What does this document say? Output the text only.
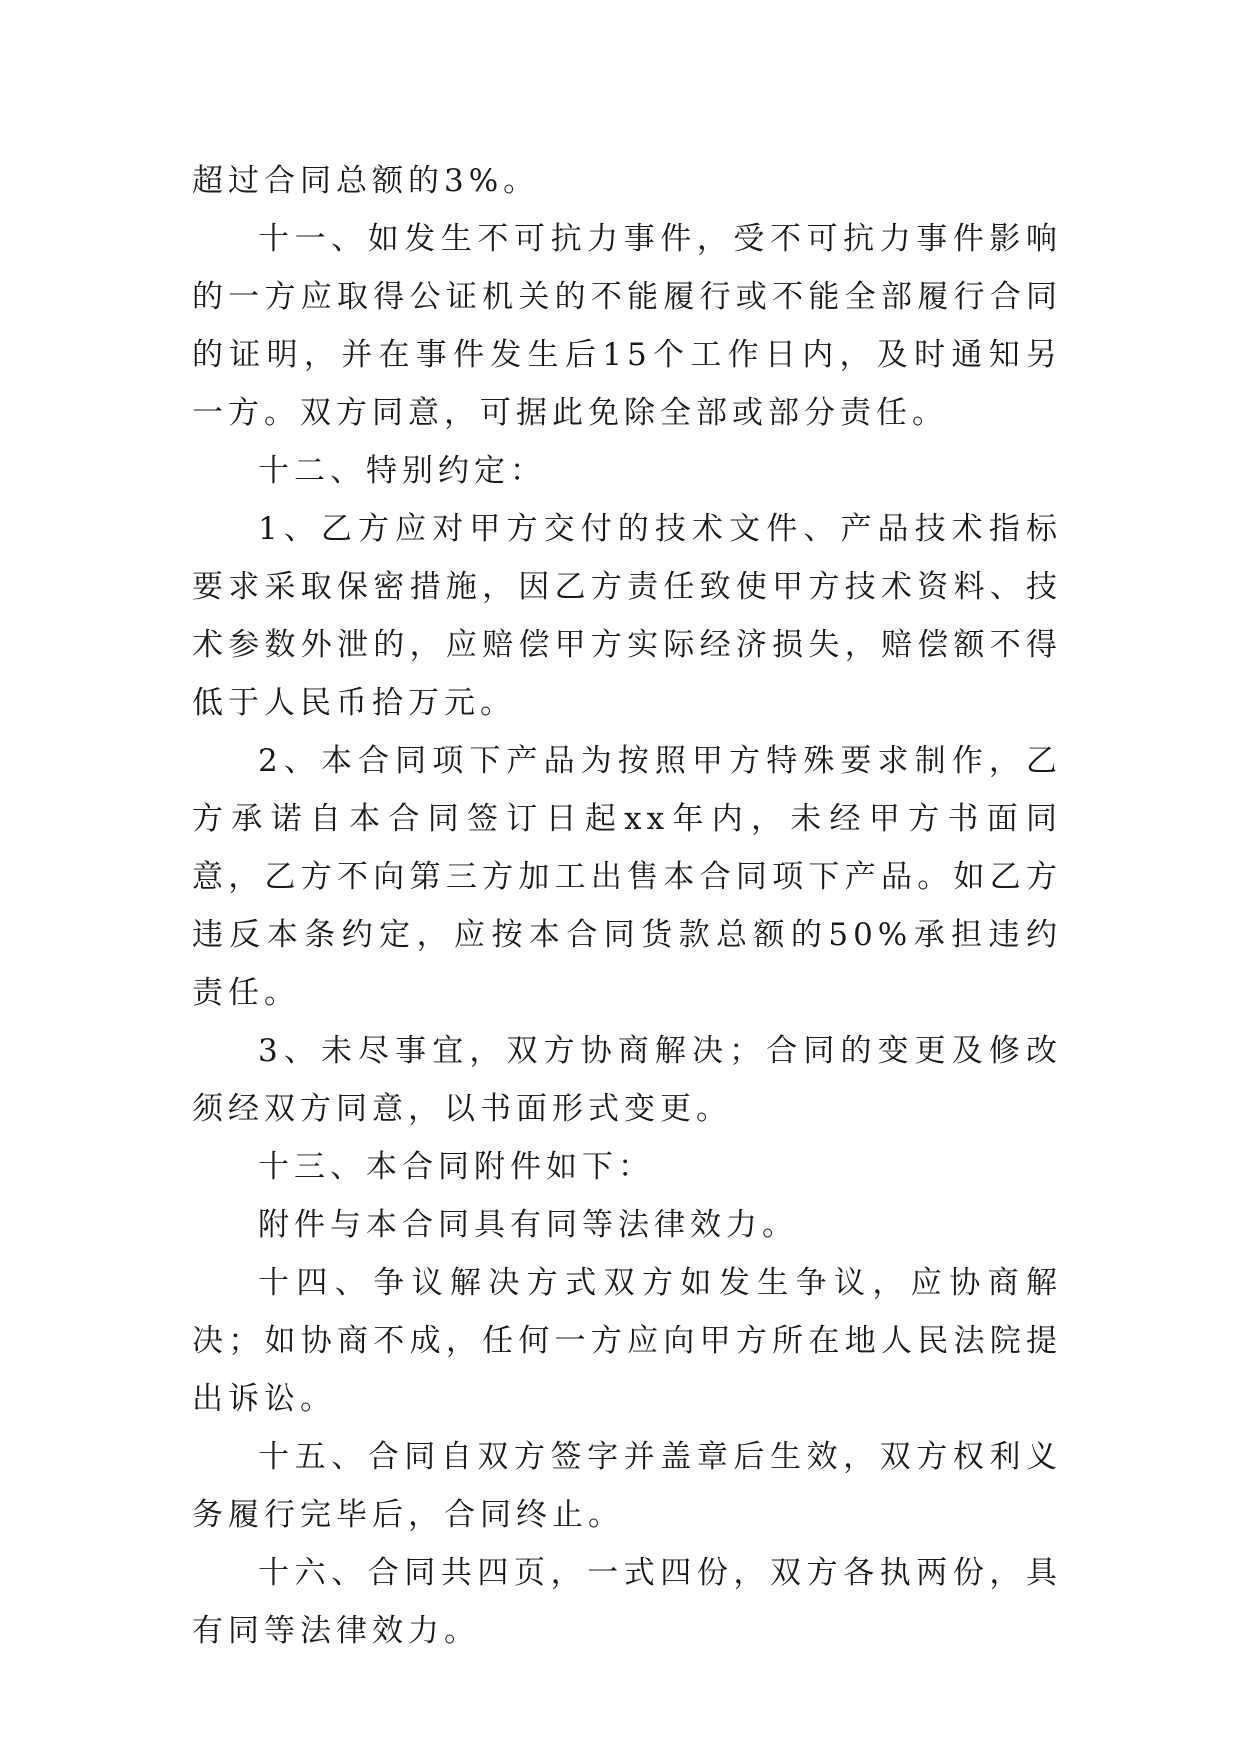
超过合同总额的3%。

十一、如发生不可抗力事件，受不可抗力事件影响的一方应取得公证机关的不能履行或不能全部履行合同的证明，并在事件发生后15个工作日内，及时通知另一方。双方同意，可据此免除全部或部分责任。

十二、特别约定：

1、乙方应对甲方交付的技术文件、产品技术指标要求采取保密措施，因乙方责任致使甲方技术资料、技术参数外泄的，应赔偿甲方实际经济损失，赔偿额不得低于人民币拾万元。

2、本合同项下产品为按照甲方特殊要求制作，乙方承诺自本合同签订日起xx年内，未经甲方书面同意，乙方不向第三方加工出售本合同项下产品。如乙方违反本条约定，应按本合同货款总额的50%承担违约责任。

3、未尽事宜，双方协商解决；合同的变更及修改须经双方同意，以书面形式变更。

十三、本合同附件如下：

附件与本合同具有同等法律效力。

十四、争议解决方式双方如发生争议，应协商解决；如协商不成，任何一方应向甲方所在地人民法院提出诉讼。

十五、合同自双方签字并盖章后生效，双方权利义务履行完毕后，合同终止。

十六、合同共四页，一式四份，双方各执两份，具有同等法律效力。
